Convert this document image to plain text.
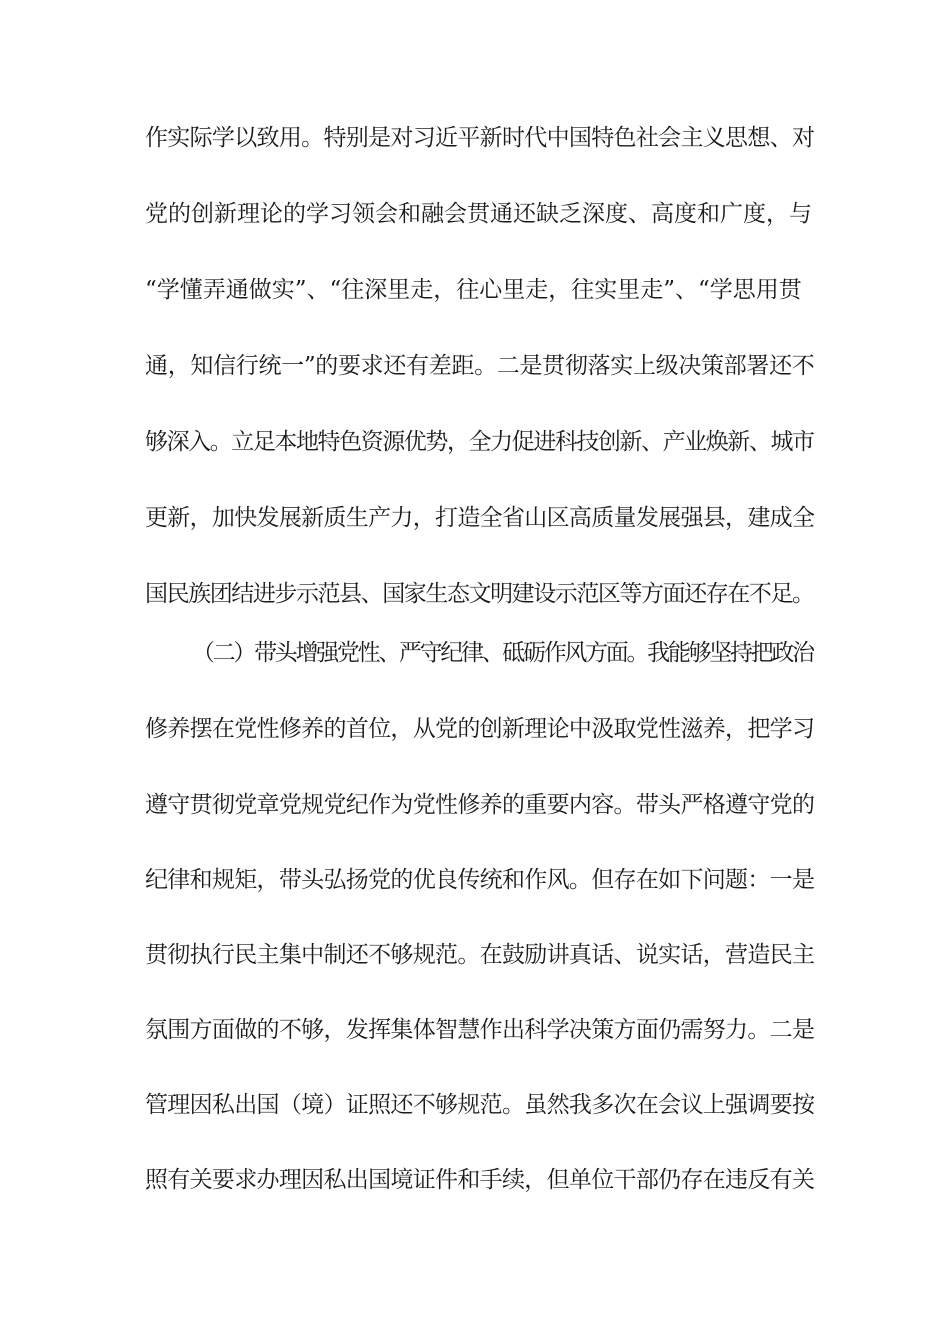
作实际学以致用。特别是对习近平新时代中国特色社会主义思想、对
党的创新理论的学习领会和融会贯通还缺乏深度、高度和广度，与
“学懂弄通做实”、“往深里走，往心里走，往实里走”、“学思用贯
通，知信行统一”的要求还有差距。二是贯彻落实上级决策部署还不
够深入。立足本地特色资源优势，全力促进科技创新、产业焕新、城市
更新，加快发展新质生产力，打造全省山区高质量发展强县，建成全
国民族团结进步示范县、国家生态文明建设示范区等方面还存在不足。
（二）带头增强党性、严守纪律、砥砺作风方面。我能够坚持把政治
修养摆在党性修养的首位，从党的创新理论中汲取党性滋养，把学习
遵守贯彻党章党规党纪作为党性修养的重要内容。带头严格遵守党的
纪律和规矩，带头弘扬党的优良传统和作风。但存在如下问题：一是
贯彻执行民主集中制还不够规范。在鼓励讲真话、说实话，营造民主
氛围方面做的不够，发挥集体智慧作出科学决策方面仍需努力。二是
管理因私出国（境）证照还不够规范。虽然我多次在会议上强调要按
照有关要求办理因私出国境证件和手续，但单位干部仍存在违反有关
